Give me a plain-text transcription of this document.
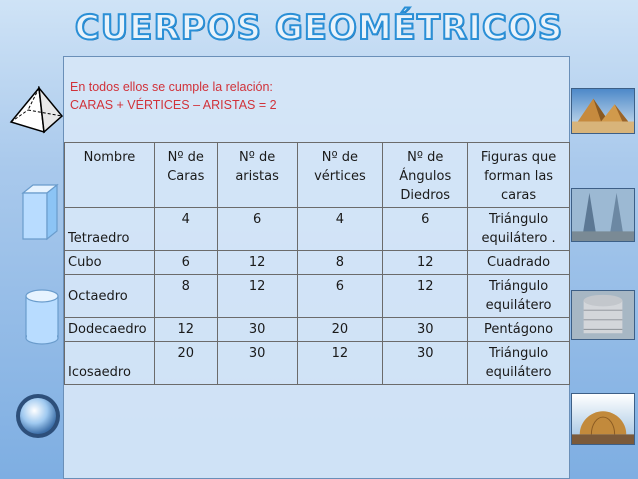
CUERPOS GEOMÉTRICOS
En todos ellos se cumple la relación:
CARAS + VÉRTICES – ARISTAS = 2
Nombre	Nº de Caras	Nº de aristas	Nº de vértices	Nº de Ángulos Diedros	Figuras que forman las caras
Tetraedro	4	6	4	6	Triángulo equilátero .
Cubo	6	12	8	12	Cuadrado
Octaedro	8	12	6	12	Triángulo equilátero
Dodecaedro	12	30	20	30	Pentágono
Icosaedro	20	30	12	30	Triángulo equilátero
